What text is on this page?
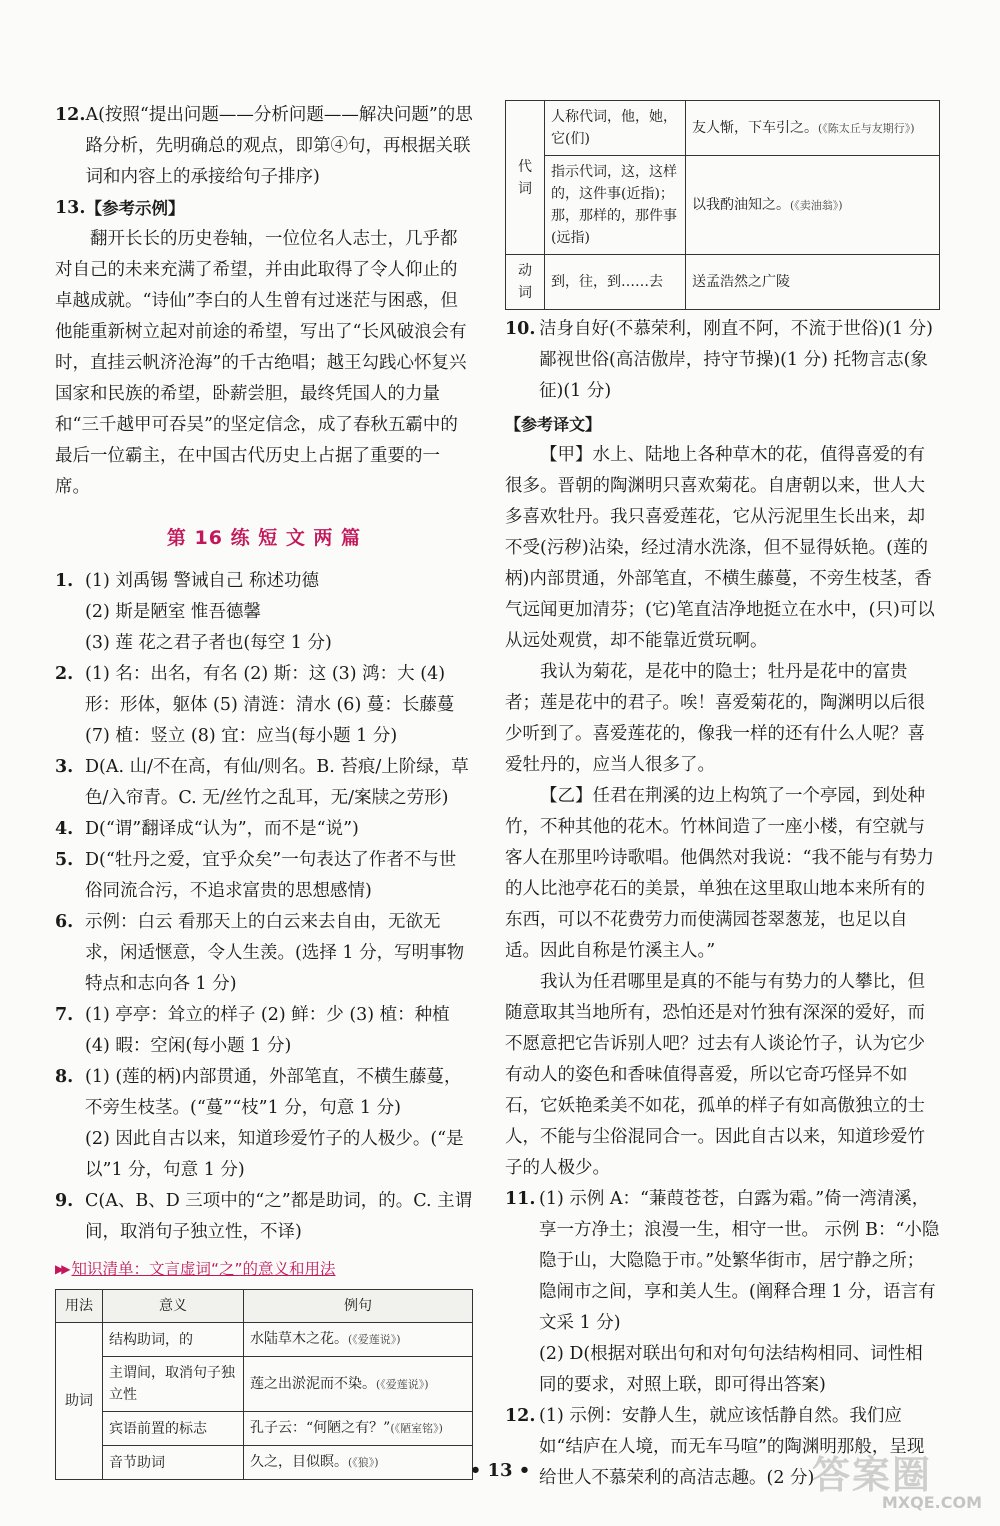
12. A(按照“提出问题——分析问题——解决问题”的思路分析，先明确总的观点，即第④句，再根据关联词和内容上的承接给句子排序)
13. 【参考示例】

翻开长长的历史卷轴，一位位名人志士，几乎都对自己的未来充满了希望，并由此取得了令人仰止的卓越成就。“诗仙”李白的人生曾有过迷茫与困惑，但他能重新树立起对前途的希望，写出了“长风破浪会有时，直挂云帆济沧海”的千古绝唱；越王勾践心怀复兴国家和民族的希望，卧薪尝胆，最终凭国人的力量和“三千越甲可吞吴”的坚定信念，成了春秋五霸中的最后一位霸主，在中国古代历史上占据了重要的一席。

第 16 练 短 文 两 篇
1. (1) 刘禹锡 警诫自己 称述功德
(2) 斯是陋室 惟吾德馨
(3) 莲 花之君子者也(每空 1 分)
2. (1) 名：出名，有名 (2) 斯：这 (3) 鸿：大 (4) 形：形体，躯体 (5) 清涟：清水 (6) 蔓：长藤蔓 (7) 植：竖立 (8) 宜：应当(每小题 1 分)
3. D(A. 山/不在高，有仙/则名。B. 苔痕/上阶绿，草色/入帘青。C. 无/丝竹之乱耳，无/案牍之劳形)
4. D(“谓”翻译成“认为”，而不是“说”)
5. D(“牡丹之爱，宜乎众矣”一句表达了作者不与世俗同流合污，不追求富贵的思想感情)
6. 示例：白云 看那天上的白云来去自由，无欲无求，闲适惬意，令人生羡。(选择 1 分，写明事物特点和志向各 1 分)
7. (1) 亭亭：耸立的样子 (2) 鲜：少 (3) 植：种植
(4) 暇：空闲(每小题 1 分)
8. (1) (莲的柄)内部贯通，外部笔直，不横生藤蔓，不旁生枝茎。(“蔓”“枝”1 分，句意 1 分)
(2) 因此自古以来，知道珍爱竹子的人极少。(“是以”1 分，句意 1 分)
9. C(A、B、D 三项中的“之”都是助词，的。C. 主谓间，取消句子独立性，不译)
▶▶ 知识清单：文言虚词“之”的意义和用法
用法	意义	例句
助词	结构助词，的	水陆草木之花。(《爱莲说》)
	主谓间，取消句子独立性	莲之出淤泥而不染。(《爱莲说》)
	宾语前置的标志	孔子云：“何陋之有？”(《陋室铭》)
	音节助词	久之，目似瞑。(《狼》)
代词	人称代词，他，她，它(们)	友人惭，下车引之。(《陈太丘与友期行》)
	指示代词，这，这样的，这件事(近指)；那，那样的，那件事(远指)	以我酌油知之。(《卖油翁》)
动词	到，往，到……去	送孟浩然之广陵
10. 洁身自好(不慕荣利，刚直不阿，不流于世俗)(1 分) 鄙视世俗(高洁傲岸，持守节操)(1 分) 托物言志(象征)(1 分)
【参考译文】

【甲】水上、陆地上各种草木的花，值得喜爱的有很多。晋朝的陶渊明只喜欢菊花。自唐朝以来，世人大多喜欢牡丹。我只喜爱莲花，它从污泥里生长出来，却不受(污秽)沾染，经过清水洗涤，但不显得妖艳。(莲的柄)内部贯通，外部笔直，不横生藤蔓，不旁生枝茎，香气远闻更加清芬；(它)笔直洁净地挺立在水中，(只)可以从远处观赏，却不能靠近赏玩啊。

我认为菊花，是花中的隐士；牡丹是花中的富贵者；莲是花中的君子。唉！喜爱菊花的，陶渊明以后很少听到了。喜爱莲花的，像我一样的还有什么人呢？喜爱牡丹的，应当人很多了。

【乙】任君在荆溪的边上构筑了一个亭园，到处种竹，不种其他的花木。竹林间造了一座小楼，有空就与客人在那里吟诗歌唱。他偶然对我说：“我不能与有势力的人比池亭花石的美景，单独在这里取山地本来所有的东西，可以不花费劳力而使满园苍翠葱茏，也足以自适。因此自称是竹溪主人。”

我认为任君哪里是真的不能与有势力的人攀比，但随意取其当地所有，恐怕还是对竹独有深深的爱好，而不愿意把它告诉别人吧？过去有人谈论竹子，认为它少有动人的姿色和香味值得喜爱，所以它奇巧怪异不如石，它妖艳柔美不如花，孤单的样子有如高傲独立的士人，不能与尘俗混同合一。因此自古以来，知道珍爱竹子的人极少。

11. (1) 示例 A：“蒹葭苍苍，白露为霜。”倚一湾清溪，享一方净土；浪漫一生，相守一世。 示例 B：“小隐隐于山，大隐隐于市。”处繁华街市，居宁静之所；隐闹市之间，享和美人生。(阐释合理 1 分，语言有文采 1 分)
(2) D(根据对联出句和对句句法结构相同、词性相同的要求，对照上联，即可得出答案)
12. (1) 示例：安静人生，就应该恬静自然。我们应如“结庐在人境，而无车马喧”的陶渊明那般，呈现给世人不慕荣利的高洁志趣。(2 分)
• 13 •	答案圈
MXQE.COM
